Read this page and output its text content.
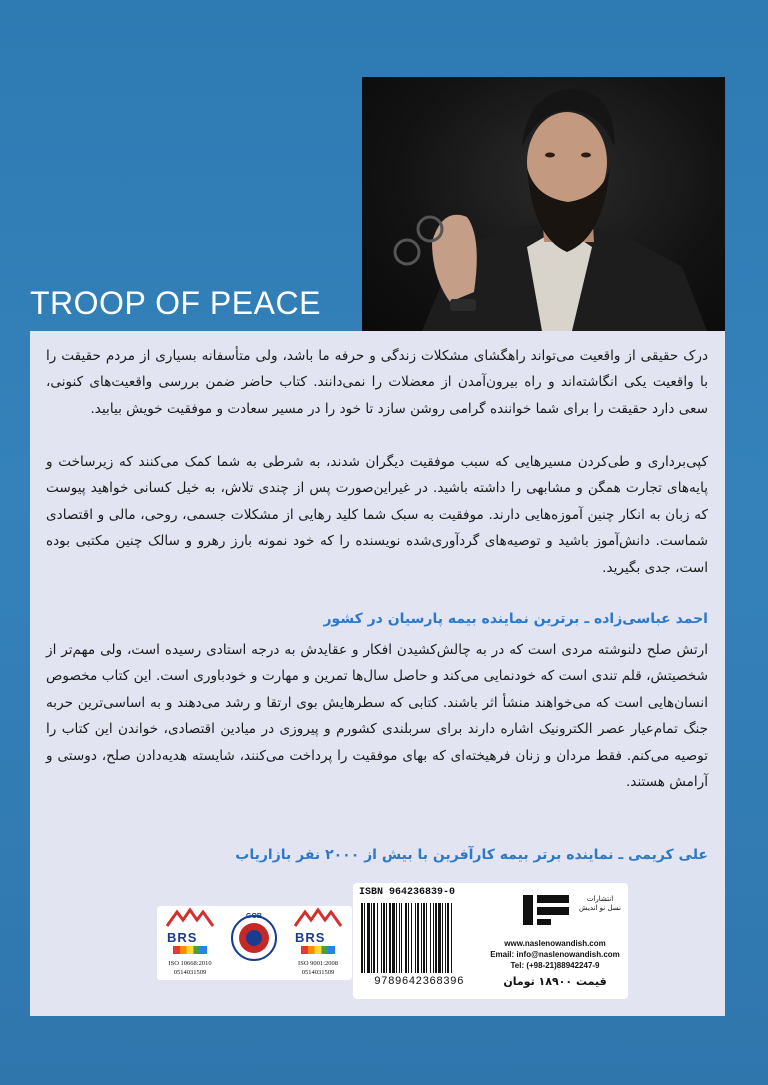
TROOP OF PEACE

درک حقیقی از واقعیت می‌تواند راهگشای مشکلات زندگی و حرفه ما باشد، ولی متأسفانه بسیاری از مردم حقیقت را با واقعیت یکی انگاشته‌اند و راه بیرون‌آمدن از معضلات را نمی‌دانند. کتاب حاضر ضمن بررسی واقعیت‌های کنونی، سعی دارد حقیقت را برای شما خواننده گرامی روشن سازد تا خود را در مسیر سعادت و موفقیت خویش بیابید.

کپی‌برداری و طی‌کردن مسیرهایی که سبب موفقیت دیگران شدند، به شرطی به شما کمک می‌کنند که زیرساخت و پایه‌های تجارت همگن و مشابهی را داشته باشید. در غیراین‌صورت پس از چندی تلاش، به خیل کسانی خواهید پیوست که زبان به انکار چنین آموزه‌هایی دارند. موفقیت به سبک شما کلید رهایی از مشکلات جسمی، روحی، مالی و اقتصادی شماست. دانش‌آموز باشید و توصیه‌های گردآوری‌شده نویسنده را که خود نمونه بارز رهرو و سالک چنین مکتبی بوده است، جدی بگیرید.

احمد عباسی‌زاده ـ برترین نماینده بیمه پارسیان در کشور

ارتش صلح دلنوشته مردی است که در به چالش‌کشیدن افکار و عقایدش به درجه استادی رسیده است، ولی مهم‌تر از شخصیتش، قلم تندی است که خودنمایی می‌کند و حاصل سال‌ها تمرین و مهارت و خودباوری است. این کتاب مخصوص انسان‌هایی است که می‌خواهند منشأ اثر باشند. کتابی که سطرهایش بوی ارتقا و رشد می‌دهند و به اساسی‌ترین حربه جنگ تمام‌عیار عصر الکترونیک اشاره دارند برای سربلندی کشورم و پیروزی در میادین اقتصادی، خواندن این کتاب را توصیه می‌کنم. فقط مردان و زنان فرهیخته‌ای که بهای موفقیت را پرداخت می‌کنند، شایسته هدیه‌دادن صلح، دوستی و آرامش هستند.

علی کریمی ـ نماینده برتر بیمه کارآفرین با بیش از ۲۰۰۰ نفر بازاریاب
BRS
ISO 10668:2010
0514031509
GOB
BRS
ISO 9001:2008
0514031509
ISBN 964236839-0
9789642368396
انتشارات
نسل نو اندیش
www.naslenowandish.com
Email: info@naslenowandish.com
Tel: (+98-21)88942247-9
قیمت ۱۸۹۰۰ تومان
